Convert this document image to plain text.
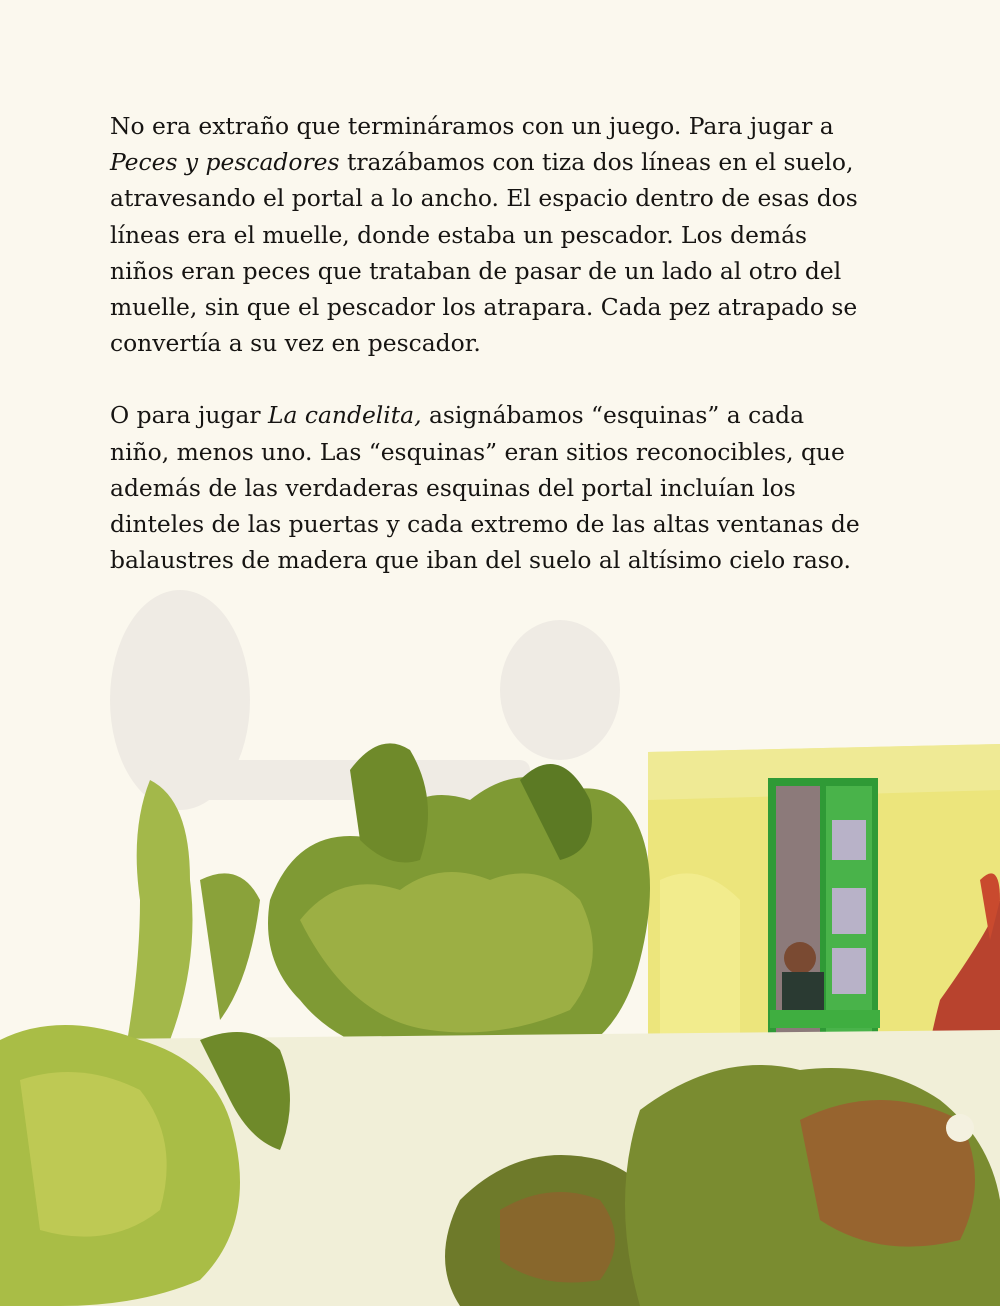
No era extraño que termináramos con un juego. Para jugar a
Peces y pescadores trazábamos con tiza dos líneas en el suelo,
atravesando el portal a lo ancho. El espacio dentro de esas dos
líneas era el muelle, donde estaba un pescador. Los demás
niños eran peces que trataban de pasar de un lado al otro del
muelle, sin que el pescador los atrapara. Cada pez atrapado se
convertía a su vez en pescador.

O para jugar La candelita, asignábamos “esquinas” a cada
niño, menos uno. Las “esquinas” eran sitios reconocibles, que
además de las verdaderas esquinas del portal incluían los
dinteles de las puertas y cada extremo de las altas ventanas de
balaustres de madera que iban del suelo al altísimo cielo raso.
